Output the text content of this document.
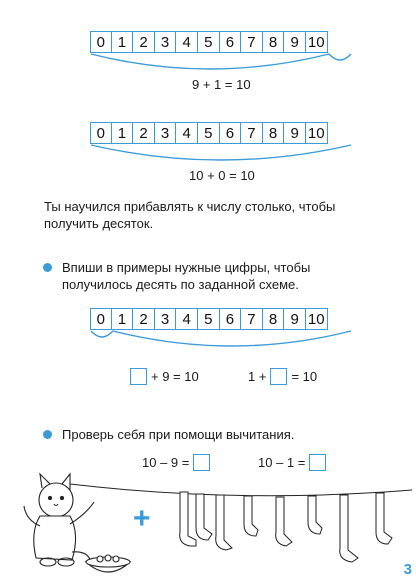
0 1 2 3 4 5 6 7 8 9 10
9 + 1 = 10
0 1 2 3 4 5 6 7 8 9 10
10 + 0 = 10
Ты научился прибавлять к числу столько, чтобы получить десяток.
Впиши в примеры нужные цифры, чтобы получилось десять по заданной схеме.
0 1 2 3 4 5 6 7 8 9 10
+ 9 = 10	1 + = 10
Проверь себя при помощи вычитания.
10 – 9 =	10 – 1 =
+
3
